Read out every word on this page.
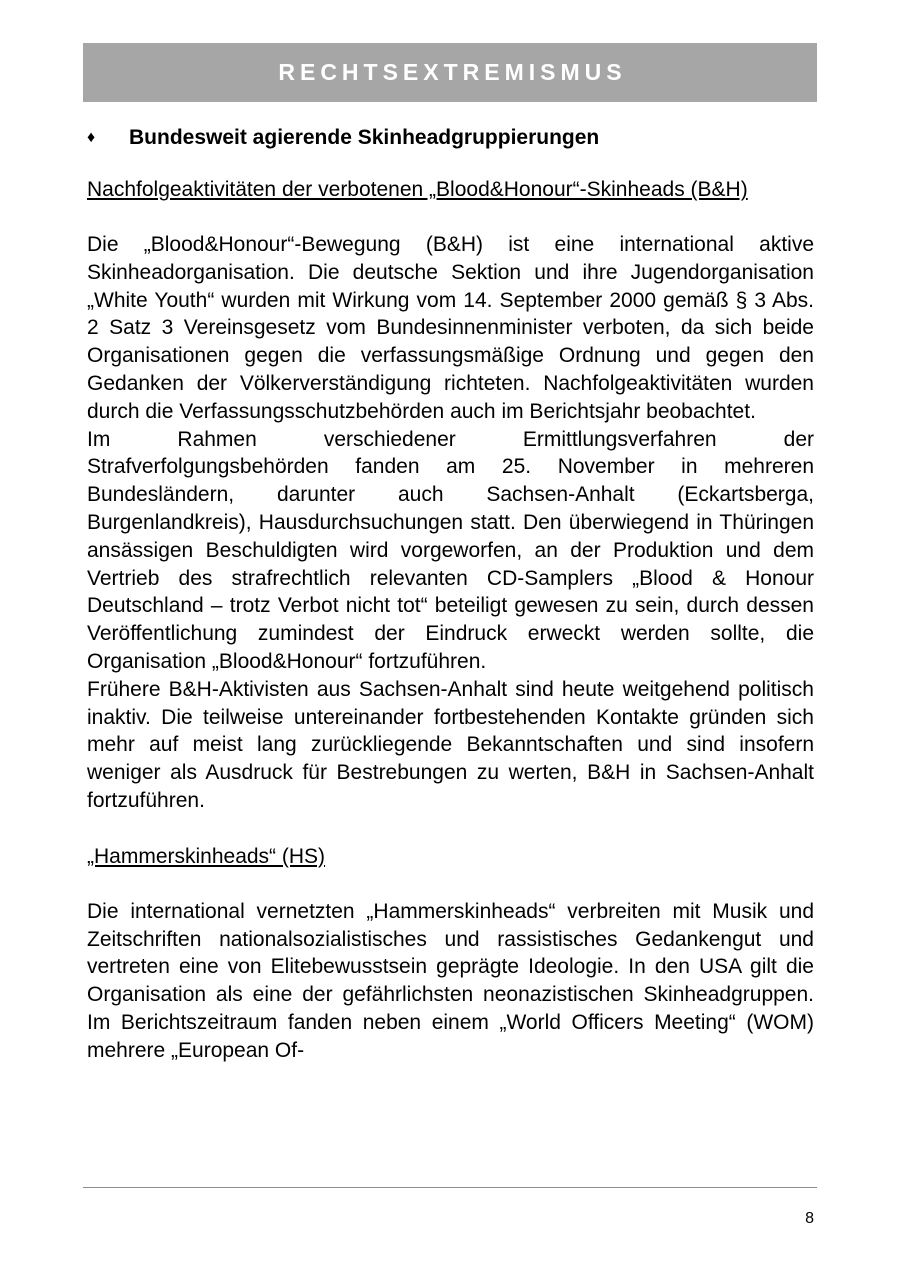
RECHTSEXTREMISMUS
♦	Bundesweit agierende Skinheadgruppierungen

Nachfolgeaktivitäten der verbotenen „Blood&Honour“-Skinheads (B&H)

Die „Blood&Honour“-Bewegung (B&H) ist eine international aktive Skinheadorganisation. Die deutsche Sektion und ihre Jugendorganisation „White Youth“ wurden mit Wirkung vom 14. September 2000 gemäß § 3 Abs. 2 Satz 3 Vereinsgesetz vom Bundesinnenminister verboten, da sich beide Organisationen gegen die verfassungsmäßige Ordnung und gegen den Gedanken der Völkerverständigung richteten. Nachfolgeaktivitäten wurden durch die Verfassungsschutzbehörden auch im Berichtsjahr beobachtet.

Im Rahmen verschiedener Ermittlungsverfahren der Strafverfolgungsbehörden fanden am 25. November in mehreren Bundesländern, darunter auch Sachsen-Anhalt (Eckartsberga, Burgenlandkreis), Hausdurchsuchungen statt. Den überwiegend in Thüringen ansässigen Beschuldigten wird vorgeworfen, an der Produktion und dem Vertrieb des strafrechtlich relevanten CD-Samplers „Blood & Honour Deutschland – trotz Verbot nicht tot“ beteiligt gewesen zu sein, durch dessen Veröffentlichung zumindest der Eindruck erweckt werden sollte, die Organisation „Blood&Honour“ fortzuführen.

Frühere B&H-Aktivisten aus Sachsen-Anhalt sind heute weitgehend politisch inaktiv. Die teilweise untereinander fortbestehenden Kontakte gründen sich mehr auf meist lang zurückliegende Bekanntschaften und sind insofern weniger als Ausdruck für Bestrebungen zu werten, B&H in Sachsen-Anhalt fortzuführen.

„Hammerskinheads“ (HS)

Die international vernetzten „Hammerskinheads“ verbreiten mit Musik und Zeitschriften nationalsozialistisches und rassistisches Gedankengut und vertreten eine von Elitebewusstsein geprägte Ideologie. In den USA gilt die Organisation als eine der gefährlichsten neonazistischen Skinheadgruppen. Im Berichtszeitraum fanden neben einem „World Officers Meeting“ (WOM) mehrere „European Of-

8
